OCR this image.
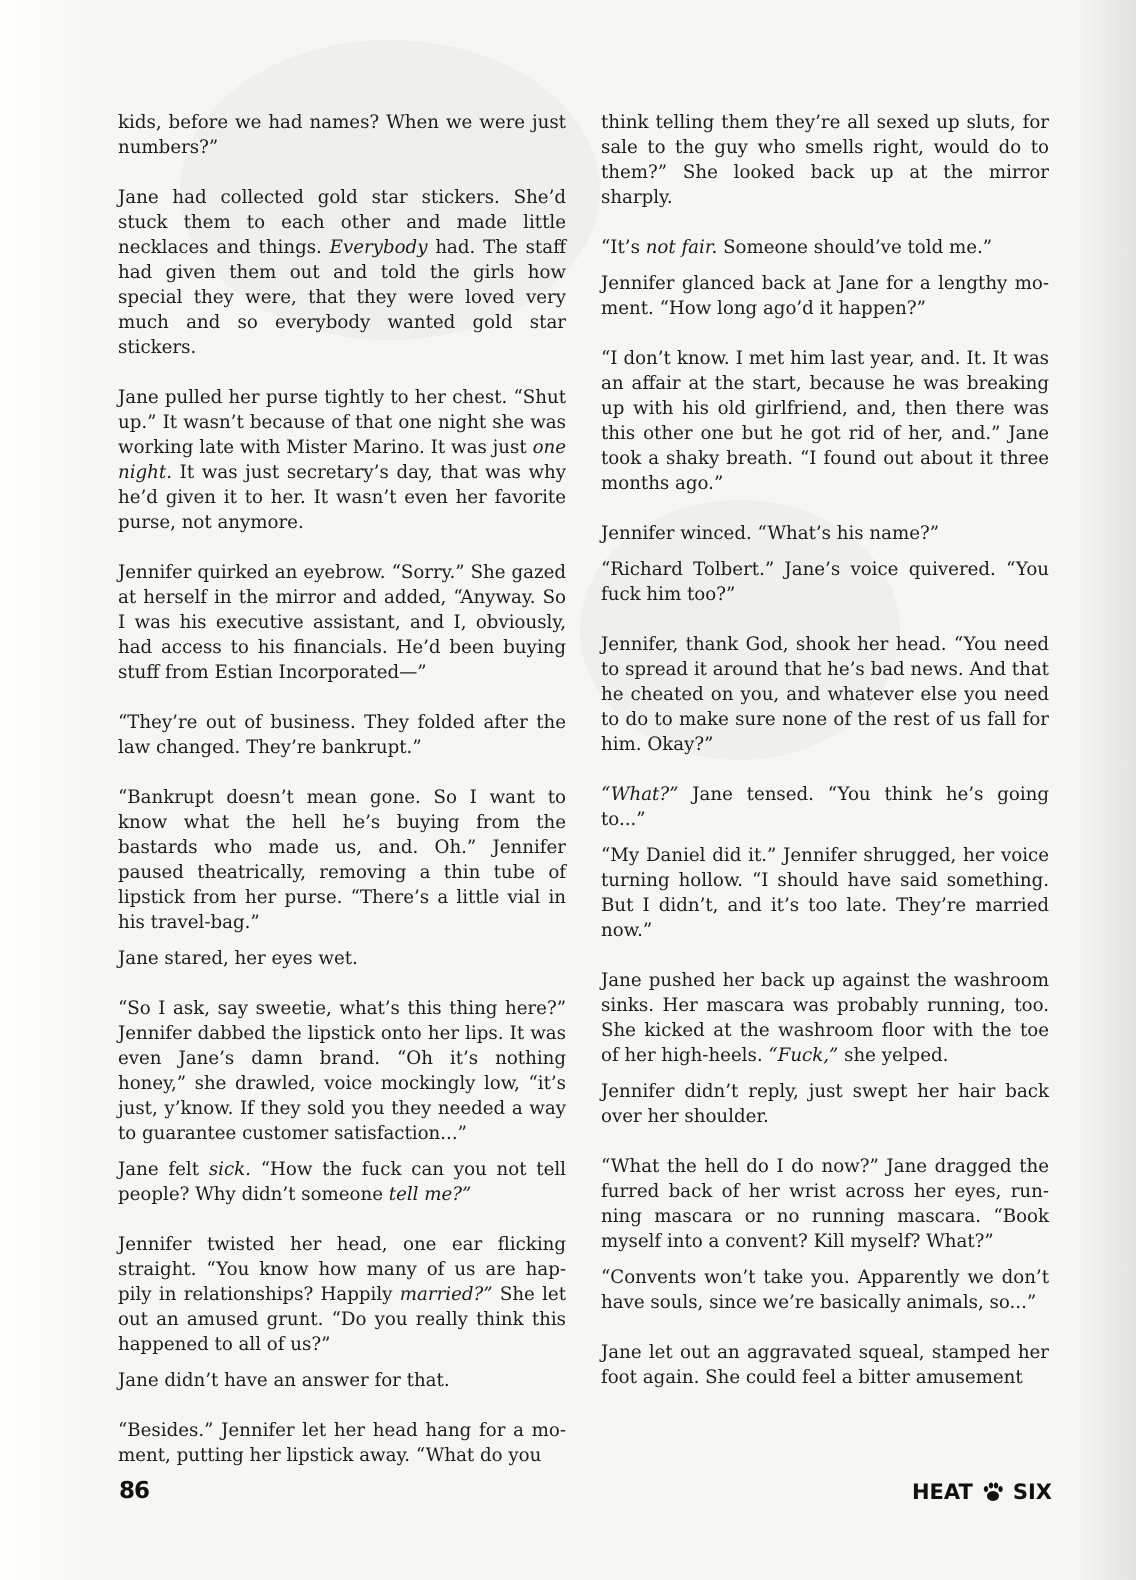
kids, before we had names? When we were just numbers?”

Jane had collected gold star stickers. She’d stuck them to each other and made little necklaces and things. Everybody had. The staff had given them out and told the girls how special they were, that they were loved very much and so everybody wanted gold star stickers.

Jane pulled her purse tightly to her chest. “Shut up.” It wasn’t because of that one night she was working late with Mister Marino. It was just one night. It was just secretary’s day, that was why he’d given it to her. It wasn’t even her favorite purse, not anymore.

Jennifer quirked an eyebrow. “Sorry.” She gazed at herself in the mirror and added, “Anyway. So I was his executive assistant, and I, obviously, had access to his financials. He’d been buying stuff from Estian Incorporated—”

“They’re out of business. They folded after the law changed. They’re bankrupt.”

“Bankrupt doesn’t mean gone. So I want to know what the hell he’s buying from the bastards who made us, and. Oh.” Jennifer paused theatrically, removing a thin tube of lipstick from her purse. “There’s a little vial in his travel-bag.”

Jane stared, her eyes wet.

“So I ask, say sweetie, what’s this thing here?” Jennifer dabbed the lipstick onto her lips. It was even Jane’s damn brand. “Oh it’s nothing honey,” she drawled, voice mockingly low, “it’s just, y’know. If they sold you they needed a way to guarantee customer satisfaction...”

Jane felt sick. “How the fuck can you not tell people? Why didn’t someone tell me?”

Jennifer twisted her head, one ear flicking straight. “You know how many of us are hap-pily in relationships? Happily married?” She let out an amused grunt. “Do you really think this happened to all of us?”

Jane didn’t have an answer for that.

“Besides.” Jennifer let her head hang for a mo-ment, putting her lipstick away. “What do you

think telling them they’re all sexed up sluts, for sale to the guy who smells right, would do to them?” She looked back up at the mirror sharply.

“It’s not fair. Someone should’ve told me.”

Jennifer glanced back at Jane for a lengthy mo-ment. “How long ago’d it happen?”

“I don’t know. I met him last year, and. It. It was an affair at the start, because he was breaking up with his old girlfriend, and, then there was this other one but he got rid of her, and.” Jane took a shaky breath. “I found out about it three months ago.”

Jennifer winced. “What’s his name?”

“Richard Tolbert.” Jane’s voice quivered. “You fuck him too?”

Jennifer, thank God, shook her head. “You need to spread it around that he’s bad news. And that he cheated on you, and whatever else you need to do to make sure none of the rest of us fall for him. Okay?”

“What?” Jane tensed. “You think he’s going to...”

“My Daniel did it.” Jennifer shrugged, her voice turning hollow. “I should have said something. But I didn’t, and it’s too late. They’re married now.”

Jane pushed her back up against the washroom sinks. Her mascara was probably running, too. She kicked at the washroom floor with the toe of her high-heels. “Fuck,” she yelped.

Jennifer didn’t reply, just swept her hair back over her shoulder.

“What the hell do I do now?” Jane dragged the furred back of her wrist across her eyes, run-ning mascara or no running mascara. “Book myself into a convent? Kill myself? What?”

“Convents won’t take you. Apparently we don’t have souls, since we’re basically animals, so...”

Jane let out an aggravated squeal, stamped her foot again. She could feel a bitter amusement

86	HEAT SIX
